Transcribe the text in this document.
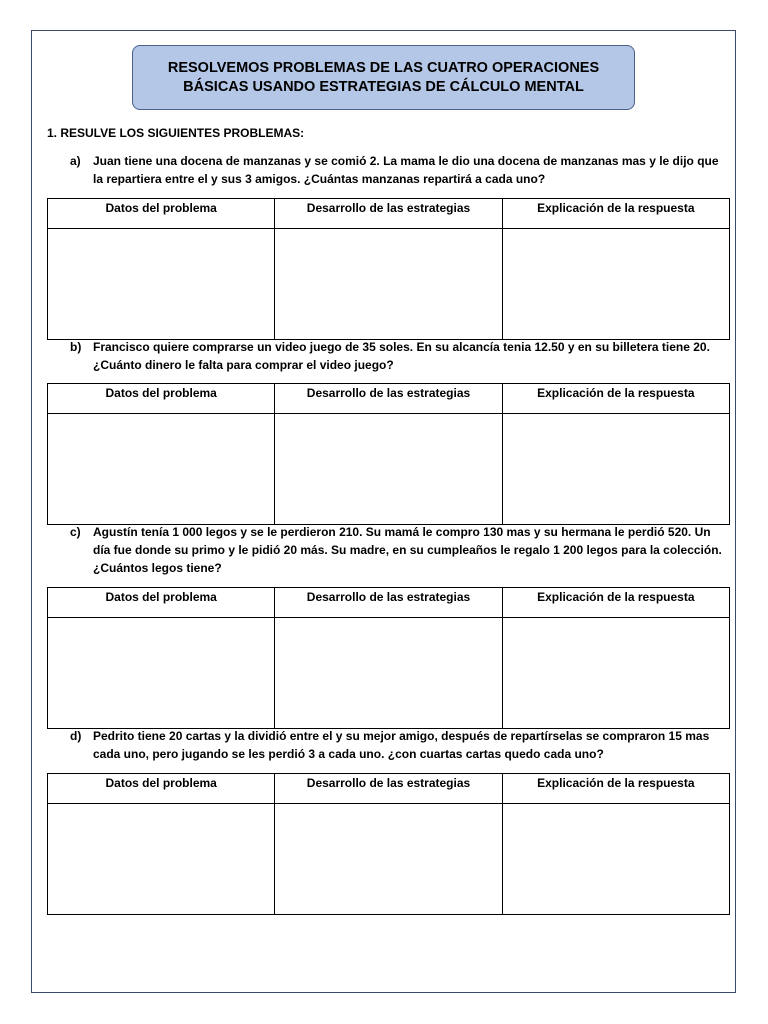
RESOLVEMOS PROBLEMAS DE LAS CUATRO OPERACIONES
BÁSICAS USANDO ESTRATEGIAS DE CÁLCULO MENTAL
1. RESULVE LOS SIGUIENTES PROBLEMAS:
a) Juan tiene una docena de manzanas y se comió 2. La mama le dio una docena de manzanas mas y le dijo que la repartiera entre el y sus 3 amigos. ¿Cuántas manzanas repartirá a cada uno?
Datos del problema	Desarrollo de las estrategias	Explicación de la respuesta

b) Francisco quiere comprarse un video juego de 35 soles. En su alcancía tenia 12.50 y en su billetera tiene 20. ¿Cuánto dinero le falta para comprar el video juego?
Datos del problema	Desarrollo de las estrategias	Explicación de la respuesta

c) Agustín tenía 1 000 legos y se le perdieron 210. Su mamá le compro 130 mas y su hermana le perdió 520. Un día fue donde su primo y le pidió 20 más. Su madre, en su cumpleaños le regalo 1 200 legos para la colección. ¿Cuántos legos tiene?
Datos del problema	Desarrollo de las estrategias	Explicación de la respuesta

d) Pedrito tiene 20 cartas y la dividió entre el y su mejor amigo, después de repartírselas se compraron 15 mas cada uno, pero jugando se les perdió 3 a cada uno. ¿con cuartas cartas quedo cada uno?
Datos del problema	Desarrollo de las estrategias	Explicación de la respuesta
